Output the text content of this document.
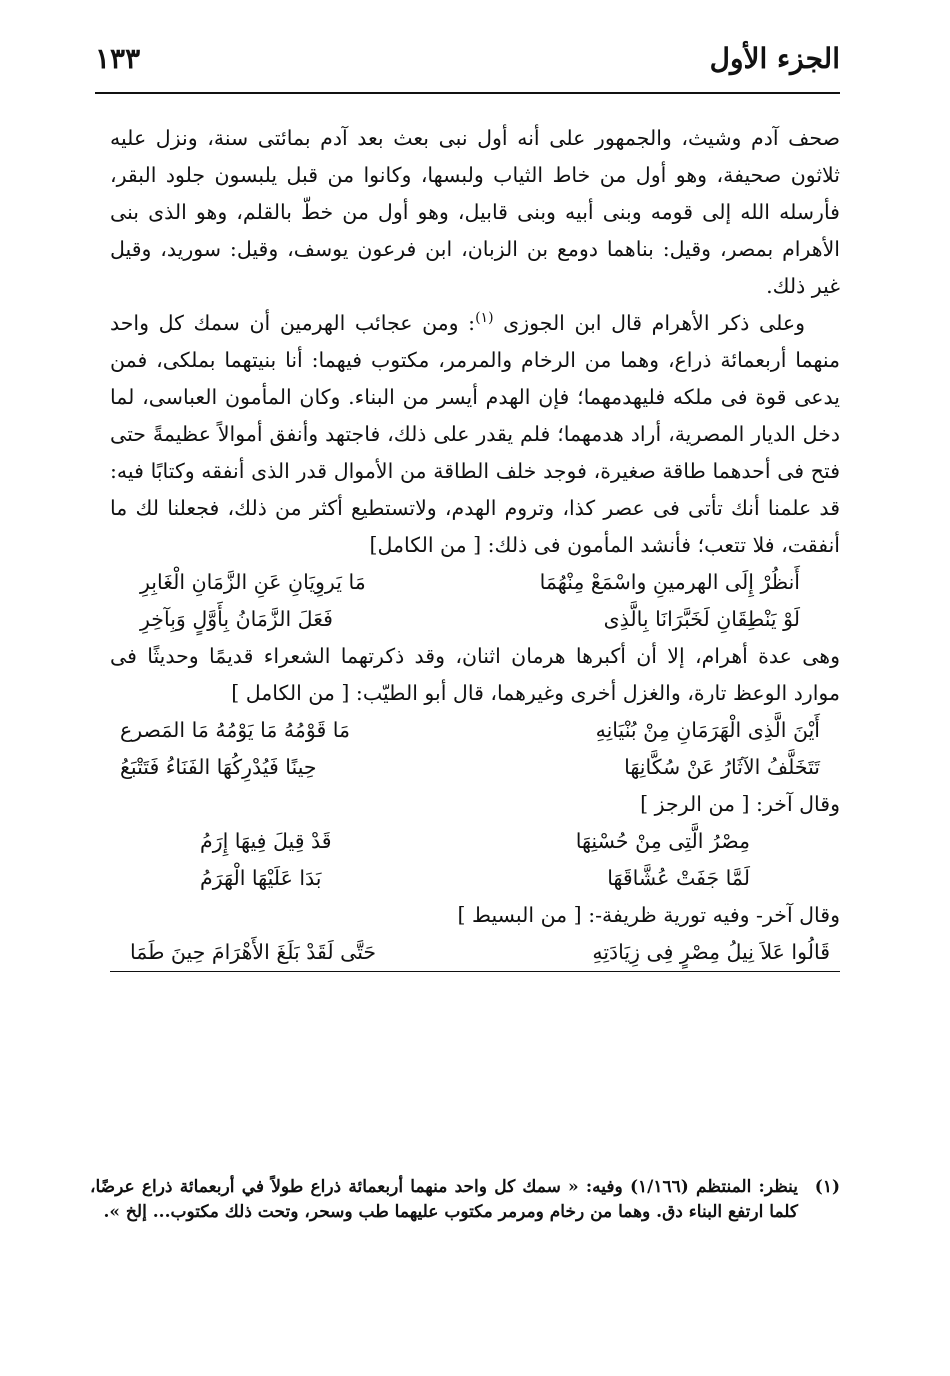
الجزء الأول
١٣٣

صحف آدم وشيث، والجمهور على أنه أول نبى بعث بعد آدم بمائتى سنة، ونزل عليه ثلاثون صحيفة، وهو أول من خاط الثياب ولبسها، وكانوا من قبل يلبسون جلود البقر، فأرسله الله إلى قومه وبنى أبيه وبنى قابيل، وهو أول من خطّ بالقلم، وهو الذى بنى الأهرام بمصر، وقيل: بناهما دومع بن الزبان، ابن فرعون يوسف، وقيل: سوريد، وقيل غير ذلك.

وعلى ذكر الأهرام قال ابن الجوزى $^{(١)}$: ومن عجائب الهرمين أن سمك كل واحد منهما أربعمائة ذراع، وهما من الرخام والمرمر، مكتوب فيهما: أنا بنيتهما بملكى، فمن يدعى قوة فى ملكه فليهدمهما؛ فإن الهدم أيسر من البناء. وكان المأمون العباسى، لما دخل الديار المصرية، أراد هدمهما؛ فلم يقدر على ذلك، فاجتهد وأنفق أموالاً عظيمةً حتى فتح فى أحدهما طاقة صغيرة، فوجد خلف الطاقة من الأموال قدر الذى أنفقه وكتابًا فيه: قد علمنا أنك تأتى فى عصر كذا، وتروم الهدم، ولاتستطيع أكثر من ذلك، فجعلنا لك ما أنفقت، فلا تتعب؛ فأنشد المأمون فى ذلك: [ من الكامل]

أَنظُرْ إِلَى الهرمينِ واسْمَعْ مِنْهُمَا
مَا يَروِيَانِ عَنِ الزَّمَانِ الْغَابِرِ
لَوْ يَنْطِقَانِ لَخَبَّرَانَا بِالَّذِى
فَعَلَ الزَّمَانُ بِأَوَّلٍ وَبِآخِرِ

وهى عدة أهرام، إلا أن أكبرها هرمان اثنان، وقد ذكرتهما الشعراء قديمًا وحديثًا فى موارد الوعظ تارة، والغزل أخرى وغيرهما، قال أبو الطيّب: [ من الكامل ]

أَيْنَ الَّذِى الْهَرَمَانِ مِنْ بُنْيَانِهِ
مَا قَوْمُهُ مَا يَوْمُهُ مَا المَصرع
تَتَخَلَّفُ الآثَارُ عَنْ سُكَّانِهَا
حِينًا فَيُدْرِكُهَا الفَنَاءُ فَتَتْبَعُ

وقال آخر: [ من الرجز ]

مِصْرُ الَّتِى مِنْ حُسْنِهَا
قَدْ قِيلَ فِيهَا إِرَمُ
لَمَّا جَفَتْ عُشَّاقَهَا
بَدَا عَلَيْهَا الْهَرَمُ

وقال آخر- وفيه تورية ظريفة-: [ من البسيط ]

قَالُوا عَلاَ نِيلُ مِصْرٍ فِى زِيَادَتِهِ
حَتَّى لَقَدْ بَلَغَ الأَهْرَامَ حِينَ طَمَا
(١)
ينظر: المنتظم (١/١٦٦) وفيه: « سمك كل واحد منهما أربعمائة ذراع طولاً في أربعمائة ذراع عرضًا، كلما ارتفع البناء دق. وهما من رخام ومرمر مكتوب عليهما طب وسحر، وتحت ذلك مكتوب... إلخ ».
